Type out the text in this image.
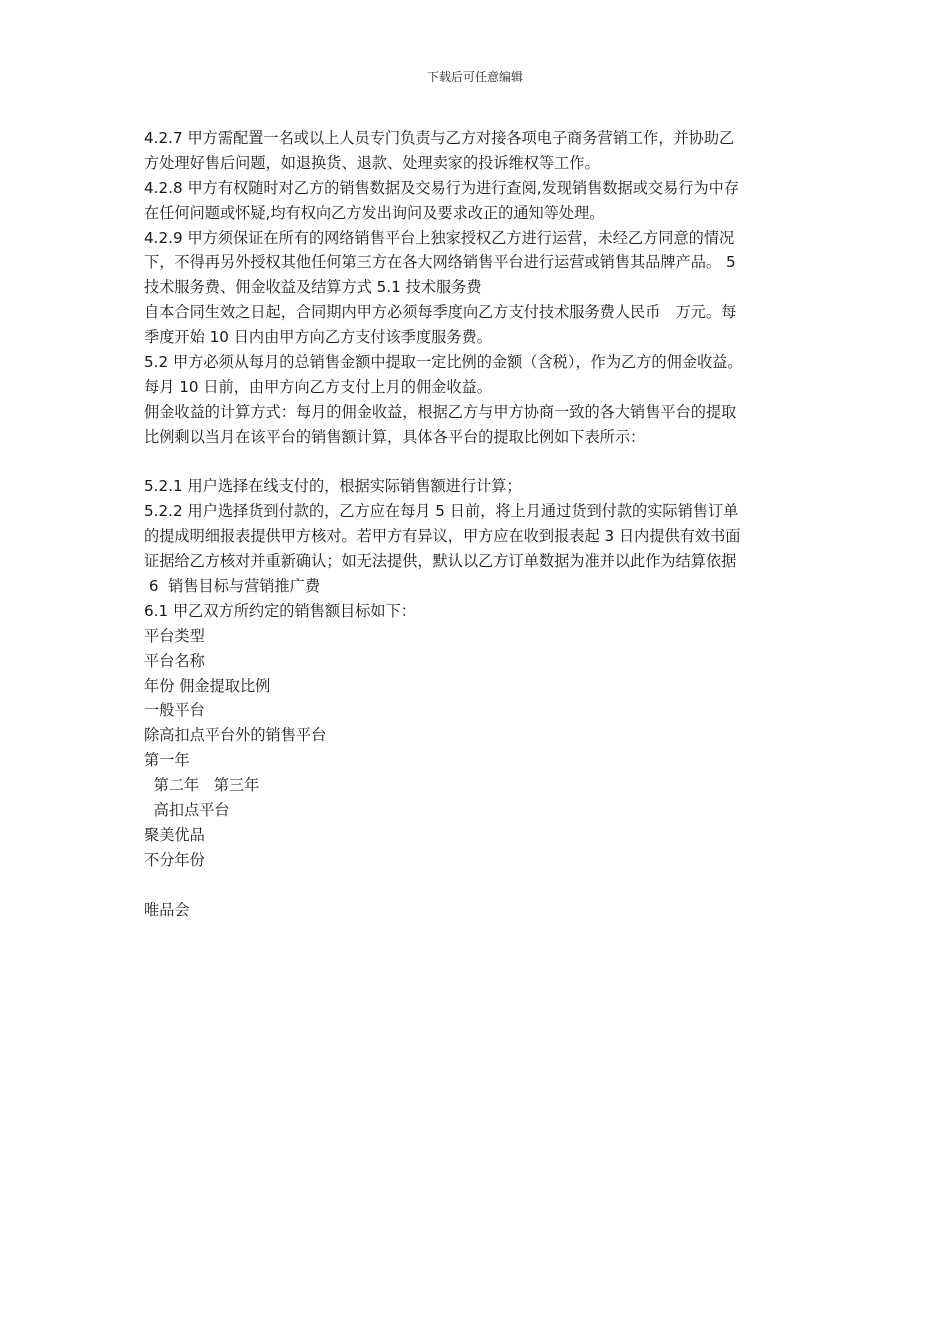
下载后可任意编辑
4.2.7 甲方需配置一名或以上人员专门负责与乙方对接各项电子商务营销工作，并协助乙
方处理好售后问题，如退换货、退款、处理卖家的投诉维权等工作。
4.2.8 甲方有权随时对乙方的销售数据及交易行为进行查阅,发现销售数据或交易行为中存
在任何问题或怀疑,均有权向乙方发出询问及要求改正的通知等处理。
4.2.9 甲方须保证在所有的网络销售平台上独家授权乙方进行运营，未经乙方同意的情况
下，不得再另外授权其他任何第三方在各大网络销售平台进行运营或销售其品牌产品。 5
技术服务费、佣金收益及结算方式 5.1 技术服务费
自本合同生效之日起，合同期内甲方必须每季度向乙方支付技术服务费人民币　万元。每
季度开始 10 日内由甲方向乙方支付该季度服务费。
5.2 甲方必须从每月的总销售金额中提取一定比例的金额（含税），作为乙方的佣金收益。
每月 10 日前，由甲方向乙方支付上月的佣金收益。
佣金收益的计算方式：每月的佣金收益，根据乙方与甲方协商一致的各大销售平台的提取
比例剩以当月在该平台的销售额计算，具体各平台的提取比例如下表所示：
5.2.1 用户选择在线支付的，根据实际销售额进行计算；
5.2.2 用户选择货到付款的，乙方应在每月 5 日前，将上月通过货到付款的实际销售订单
的提成明细报表提供甲方核对。若甲方有异议，甲方应在收到报表起 3 日内提供有效书面
证据给乙方核对并重新确认；如无法提供，默认以乙方订单数据为准并以此作为结算依据
6  销售目标与营销推广费
6.1 甲乙双方所约定的销售额目标如下：
平台类型
平台名称
年份 佣金提取比例
一般平台
除高扣点平台外的销售平台
第一年
第二年   第三年
高扣点平台
聚美优品
不分年份
唯品会
